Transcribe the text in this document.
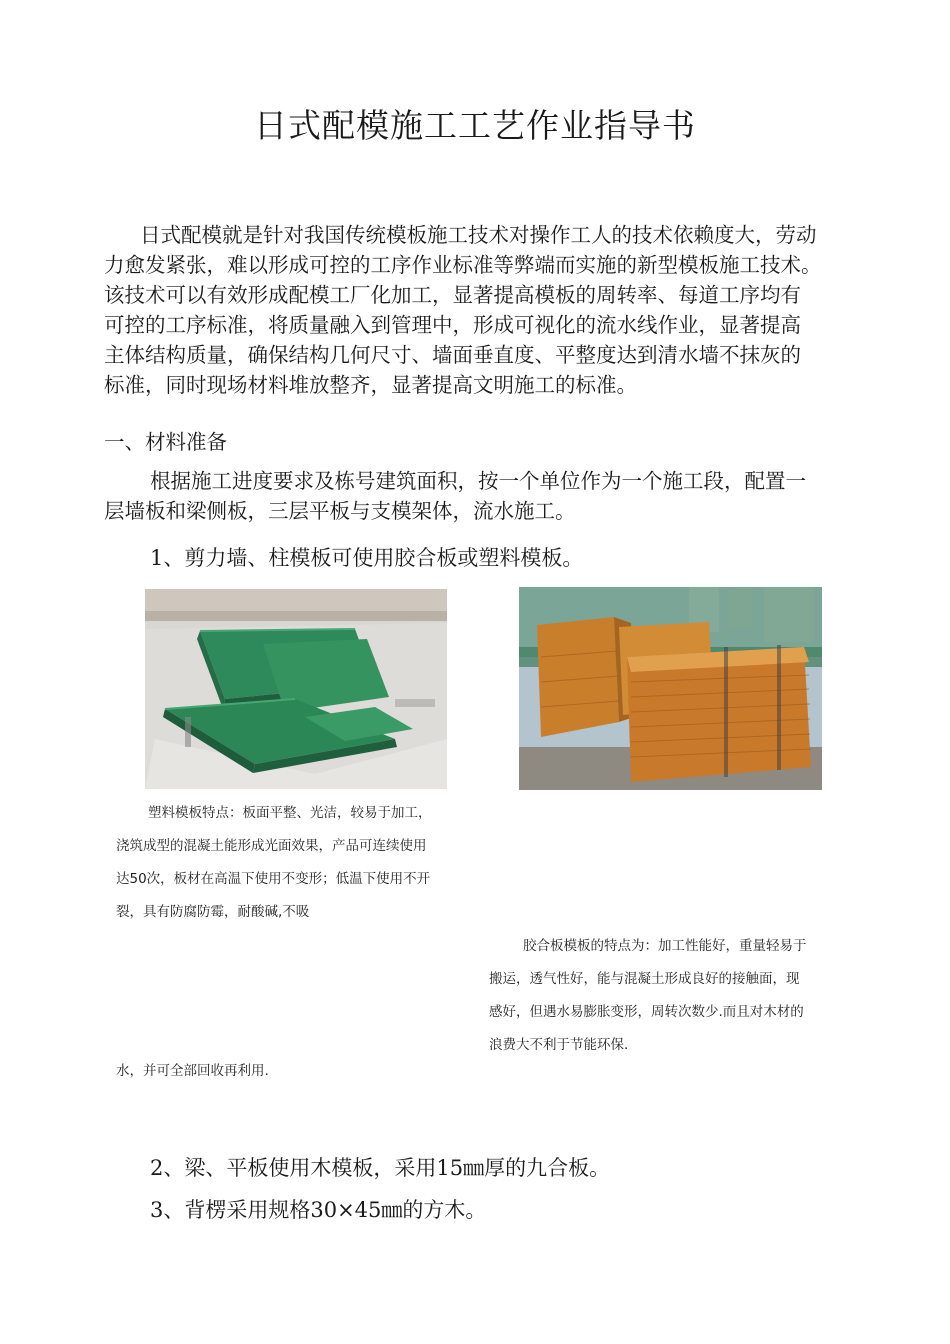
日式配模施工工艺作业指导书
日式配模就是针对我国传统模板施工技术对操作工人的技术依赖度大，劳动
力愈发紧张，难以形成可控的工序作业标准等弊端而实施的新型模板施工技术。
该技术可以有效形成配模工厂化加工，显著提高模板的周转率、每道工序均有
可控的工序标准，将质量融入到管理中，形成可视化的流水线作业，显著提高
主体结构质量，确保结构几何尺寸、墙面垂直度、平整度达到清水墙不抹灰的
标准，同时现场材料堆放整齐，显著提高文明施工的标准。
一、材料准备
根据施工进度要求及栋号建筑面积，按一个单位作为一个施工段，配置一
层墙板和梁侧板，三层平板与支模架体，流水施工。
1、剪力墙、柱模板可使用胶合板或塑料模板。
塑料模板特点：板面平整、光洁，较易于加工，
浇筑成型的混凝土能形成光面效果，产品可连续使用
达50次，板材在高温下使用不变形；低温下使用不开
裂，具有防腐防霉，耐酸碱,不吸
胶合板模板的特点为：加工性能好，重量轻易于
搬运，透气性好，能与混凝土形成良好的接触面，现
感好，但遇水易膨胀变形，周转次数少.而且对木材的
浪费大不利于节能环保.
水，并可全部回收再利用.
2、梁、平板使用木模板，采用15㎜厚的九合板。
3、背楞采用规格30×45㎜的方木。
